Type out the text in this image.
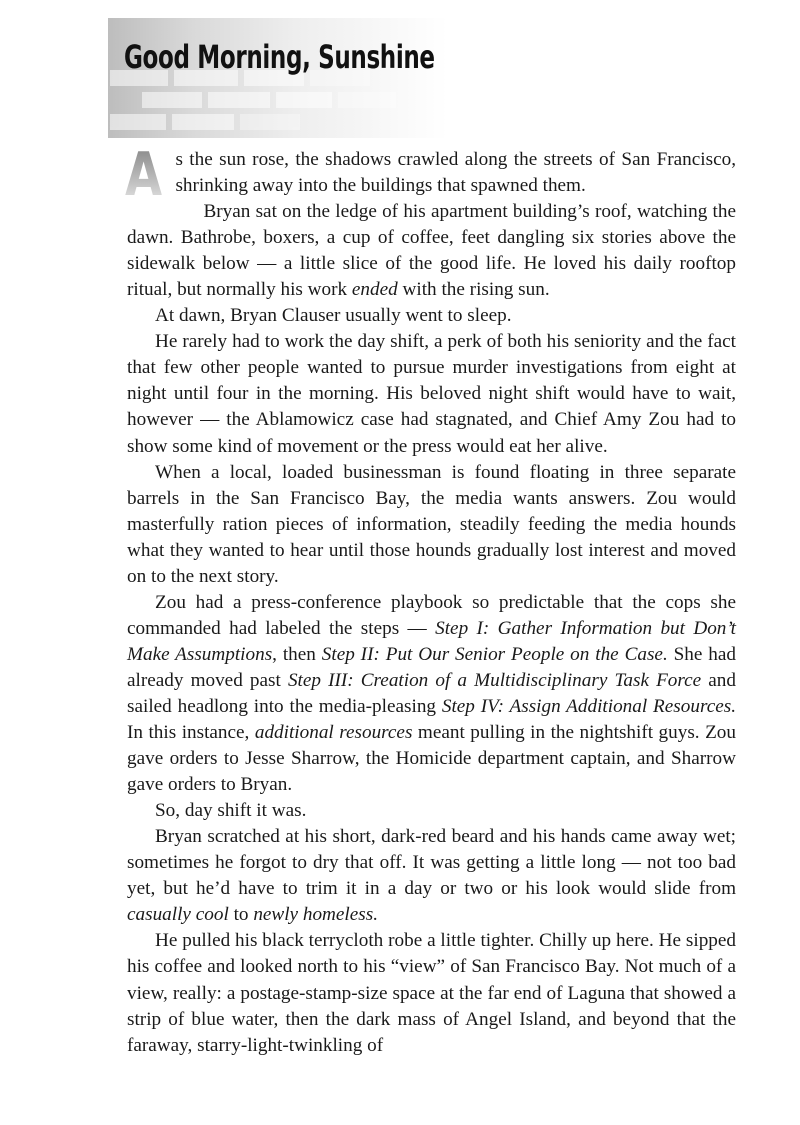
Good Morning, Sunshine

A s the sun rose, the shadows crawled along the streets of San Francisco, shrinking away into the buildings that spawned them.

Bryan sat on the ledge of his apartment building’s roof, watching the dawn. Bathrobe, boxers, a cup of coffee, feet dangling six stories above the sidewalk below — a little slice of the good life. He loved his daily rooftop ritual, but normally his work ended with the rising sun.

At dawn, Bryan Clauser usually went to sleep.

He rarely had to work the day shift, a perk of both his seniority and the fact that few other people wanted to pursue murder investigations from eight at night until four in the morning. His beloved night shift would have to wait, however — the Ablamowicz case had stagnated, and Chief Amy Zou had to show some kind of movement or the press would eat her alive.

When a local, loaded businessman is found floating in three separate barrels in the San Francisco Bay, the media wants answers. Zou would masterfully ration pieces of information, steadily feeding the media hounds what they wanted to hear until those hounds gradually lost interest and moved on to the next story.

Zou had a press-conference playbook so predictable that the cops she commanded had labeled the steps — Step I: Gather Information but Don’t Make Assumptions, then Step II: Put Our Senior People on the Case. She had already moved past Step III: Creation of a Multidisciplinary Task Force and sailed headlong into the media-pleasing Step IV: Assign Additional Resources. In this instance, additional resources meant pulling in the nightshift guys. Zou gave orders to Jesse Sharrow, the Homicide department captain, and Sharrow gave orders to Bryan.

So, day shift it was.

Bryan scratched at his short, dark-red beard and his hands came away wet; sometimes he forgot to dry that off. It was getting a little long — not too bad yet, but he’d have to trim it in a day or two or his look would slide from casually cool to newly homeless.

He pulled his black terrycloth robe a little tighter. Chilly up here. He sipped his coffee and looked north to his “view” of San Francisco Bay. Not much of a view, really: a postage-stamp-size space at the far end of Laguna that showed a strip of blue water, then the dark mass of Angel Island, and beyond that the faraway, starry-light-twinkling of
